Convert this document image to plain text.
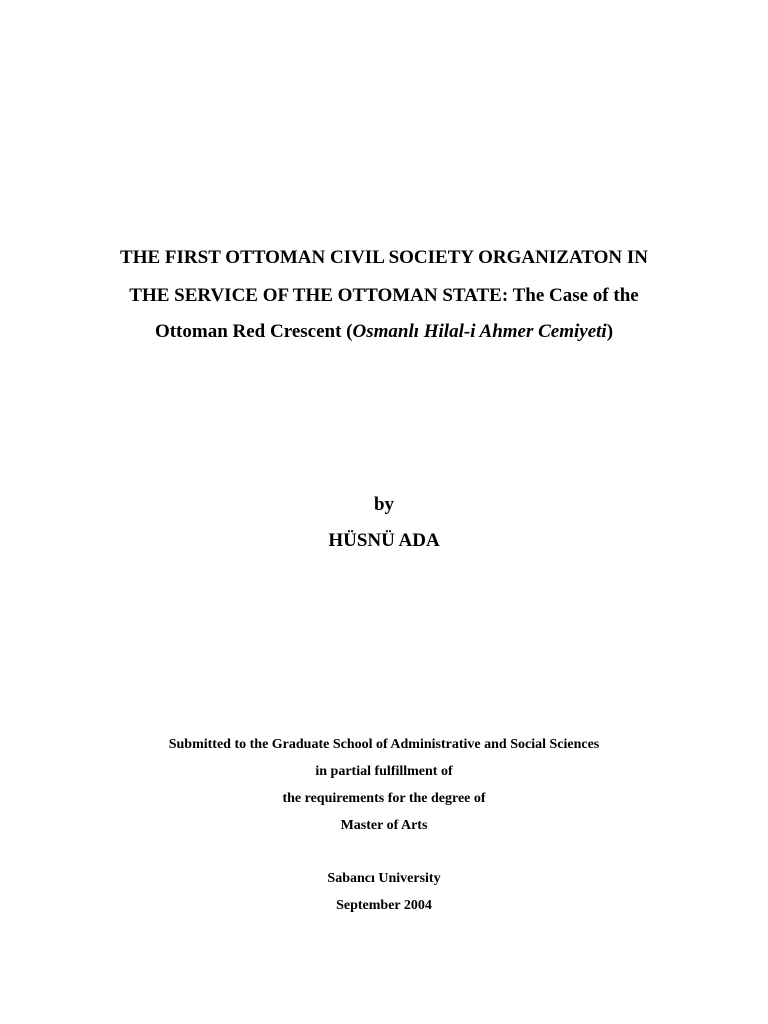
THE FIRST OTTOMAN CIVIL SOCIETY ORGANIZATON IN
THE SERVICE OF THE OTTOMAN STATE: The Case of the
Ottoman Red Crescent (Osmanlı Hilal-i Ahmer Cemiyeti)
by
HÜSNÜ ADA
Submitted to the Graduate School of Administrative and Social Sciences
in partial fulfillment of
the requirements for the degree of
Master of Arts
Sabancı University
September 2004
